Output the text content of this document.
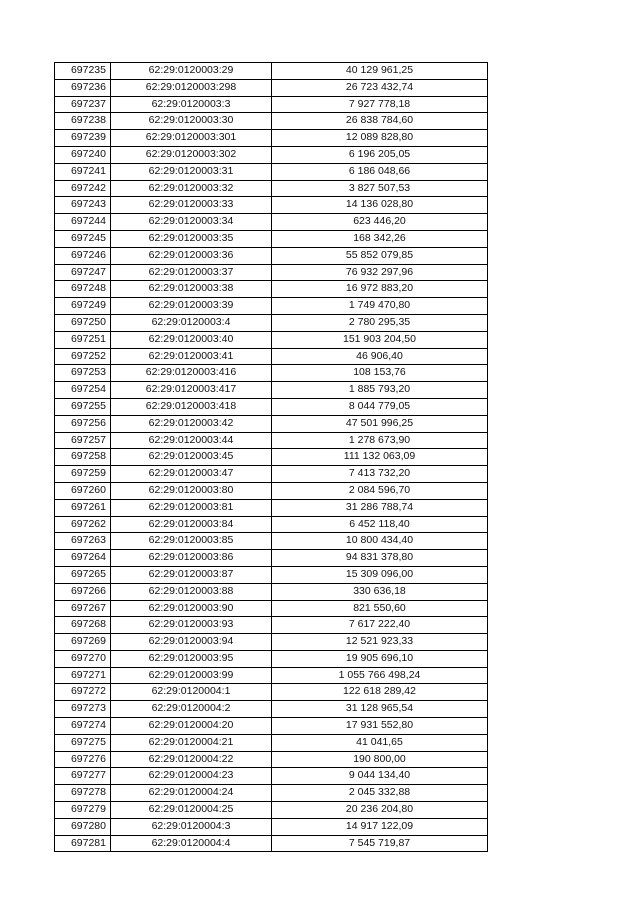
697235	62:29:0120003:29	40 129 961,25
697236	62:29:0120003:298	26 723 432,74
697237	62:29:0120003:3	7 927 778,18
697238	62:29:0120003:30	26 838 784,60
697239	62:29:0120003:301	12 089 828,80
697240	62:29:0120003:302	6 196 205,05
697241	62:29:0120003:31	6 186 048,66
697242	62:29:0120003:32	3 827 507,53
697243	62:29:0120003:33	14 136 028,80
697244	62:29:0120003:34	623 446,20
697245	62:29:0120003:35	168 342,26
697246	62:29:0120003:36	55 852 079,85
697247	62:29:0120003:37	76 932 297,96
697248	62:29:0120003:38	16 972 883,20
697249	62:29:0120003:39	1 749 470,80
697250	62:29:0120003:4	2 780 295,35
697251	62:29:0120003:40	151 903 204,50
697252	62:29:0120003:41	46 906,40
697253	62:29:0120003:416	108 153,76
697254	62:29:0120003:417	1 885 793,20
697255	62:29:0120003:418	8 044 779,05
697256	62:29:0120003:42	47 501 996,25
697257	62:29:0120003:44	1 278 673,90
697258	62:29:0120003:45	111 132 063,09
697259	62:29:0120003:47	7 413 732,20
697260	62:29:0120003:80	2 084 596,70
697261	62:29:0120003:81	31 286 788,74
697262	62:29:0120003:84	6 452 118,40
697263	62:29:0120003:85	10 800 434,40
697264	62:29:0120003:86	94 831 378,80
697265	62:29:0120003:87	15 309 096,00
697266	62:29:0120003:88	330 636,18
697267	62:29:0120003:90	821 550,60
697268	62:29:0120003:93	7 617 222,40
697269	62:29:0120003:94	12 521 923,33
697270	62:29:0120003:95	19 905 696,10
697271	62:29:0120003:99	1 055 766 498,24
697272	62:29:0120004:1	122 618 289,42
697273	62:29:0120004:2	31 128 965,54
697274	62:29:0120004:20	17 931 552,80
697275	62:29:0120004:21	41 041,65
697276	62:29:0120004:22	190 800,00
697277	62:29:0120004:23	9 044 134,40
697278	62:29:0120004:24	2 045 332,88
697279	62:29:0120004:25	20 236 204,80
697280	62:29:0120004:3	14 917 122,09
697281	62:29:0120004:4	7 545 719,87
